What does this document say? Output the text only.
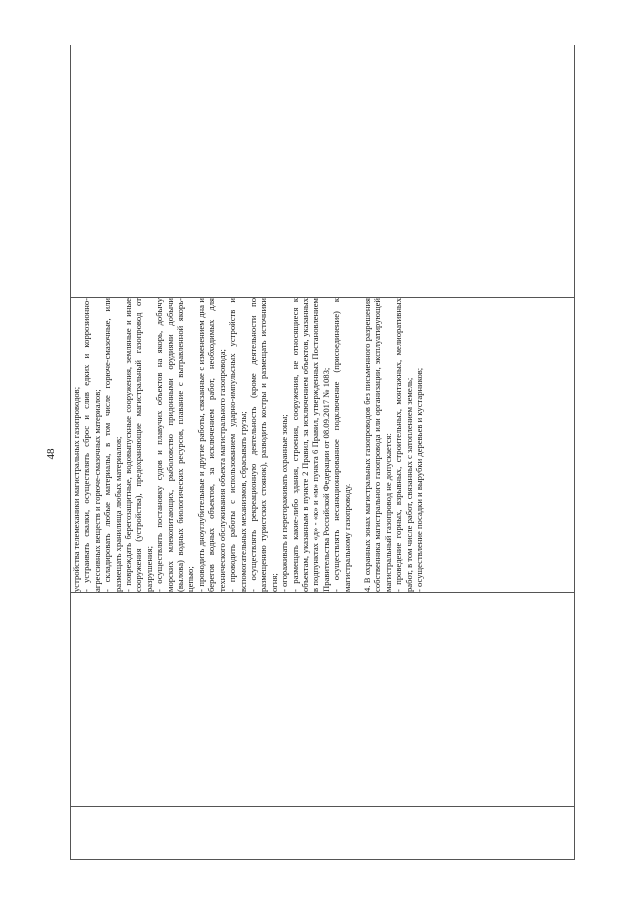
48
		устройства телемеханики магистральных газопроводов; - устраивать свалки, осуществлять сброс и слив едких и коррозионно-агрессивных веществ и горюче-смазочных материалов; - складировать любые материалы, в том числе горюче-смазочные, или размещать хранилища любых материалов; - повреждать берегозащитные, водовыпускные сооружения, земляные и иные сооружения (устройства), предохраняющие магистральный газопровод от разрушения; - осуществлять постановку судов и плавучих объектов на якорь, добычу морских млекопитающих, рыболовство придонными орудиями добычи (вылова) водных биологических ресурсов, плавание с вытравленной якорь-цепью; - проводить дноуглубительные и другие работы, связанные с изменением дна и берегов водных объектов, за исключением работ, необходимых для технического обслуживания объекта магистрального газопровода; - проводить работы с использованием ударно-импульсных устройств и вспомогательных механизмов, сбрасывать грузы; - осуществлять рекреационную деятельность (кроме деятельности по размещению туристских стоянок), разводить костры и размещать источники огня; - огораживать и перегораживать охранные зоны; - размещать какие-либо здания, строения, сооружения, не относящиеся к объектам, указанным в пункте 2 Правил, за исключением объектов, указанных в подпунктах «д» - «к» и «м» пункта 6 Правил, утвержденных Постановлением Правительства Российской Федерации от 08.09.2017 № 1083; - осуществлять несанкционированное подключение (присоединение) к магистральному газопроводу. 4. В охранных зонах магистральных газопроводов без письменного разрешения собственника магистрального газопровода или организации, эксплуатирующей магистральный газопровод не допускается: - проведение горных, взрывных, строительных, монтажных, мелиоративных работ, в том числе работ, связанных с затоплением земель; - осуществление посадки и вырубки деревьев и кустарников;
